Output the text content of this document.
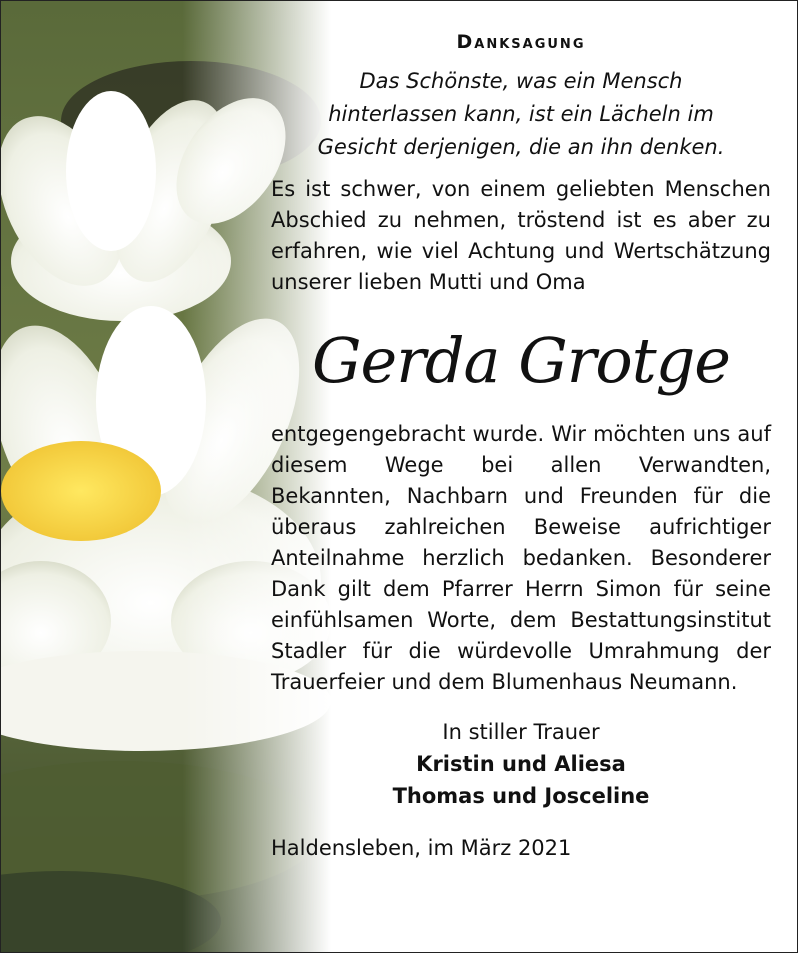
Danksagung
Das Schönste, was ein Mensch
hinterlassen kann, ist ein Lächeln im
Gesicht derjenigen, die an ihn denken.

Es ist schwer, von einem geliebten Menschen Abschied zu nehmen, tröstend ist es aber zu erfahren, wie viel Achtung und Wertschätzung unserer lieben Mutti und Oma

Gerda Grotge

entgegengebracht wurde. Wir möchten uns auf diesem Wege bei allen Verwandten, Bekannten, Nachbarn und Freunden für die überaus zahlreichen Beweise aufrichtiger Anteilnahme herzlich bedanken. Besonderer Dank gilt dem Pfarrer Herrn Simon für seine einfühlsamen Worte, dem Bestattungsinstitut Stadler für die würdevolle Umrahmung der Trauerfeier und dem Blumenhaus Neumann.

In stiller Trauer
Kristin und Aliesa
Thomas und Josceline
Haldensleben, im März 2021
